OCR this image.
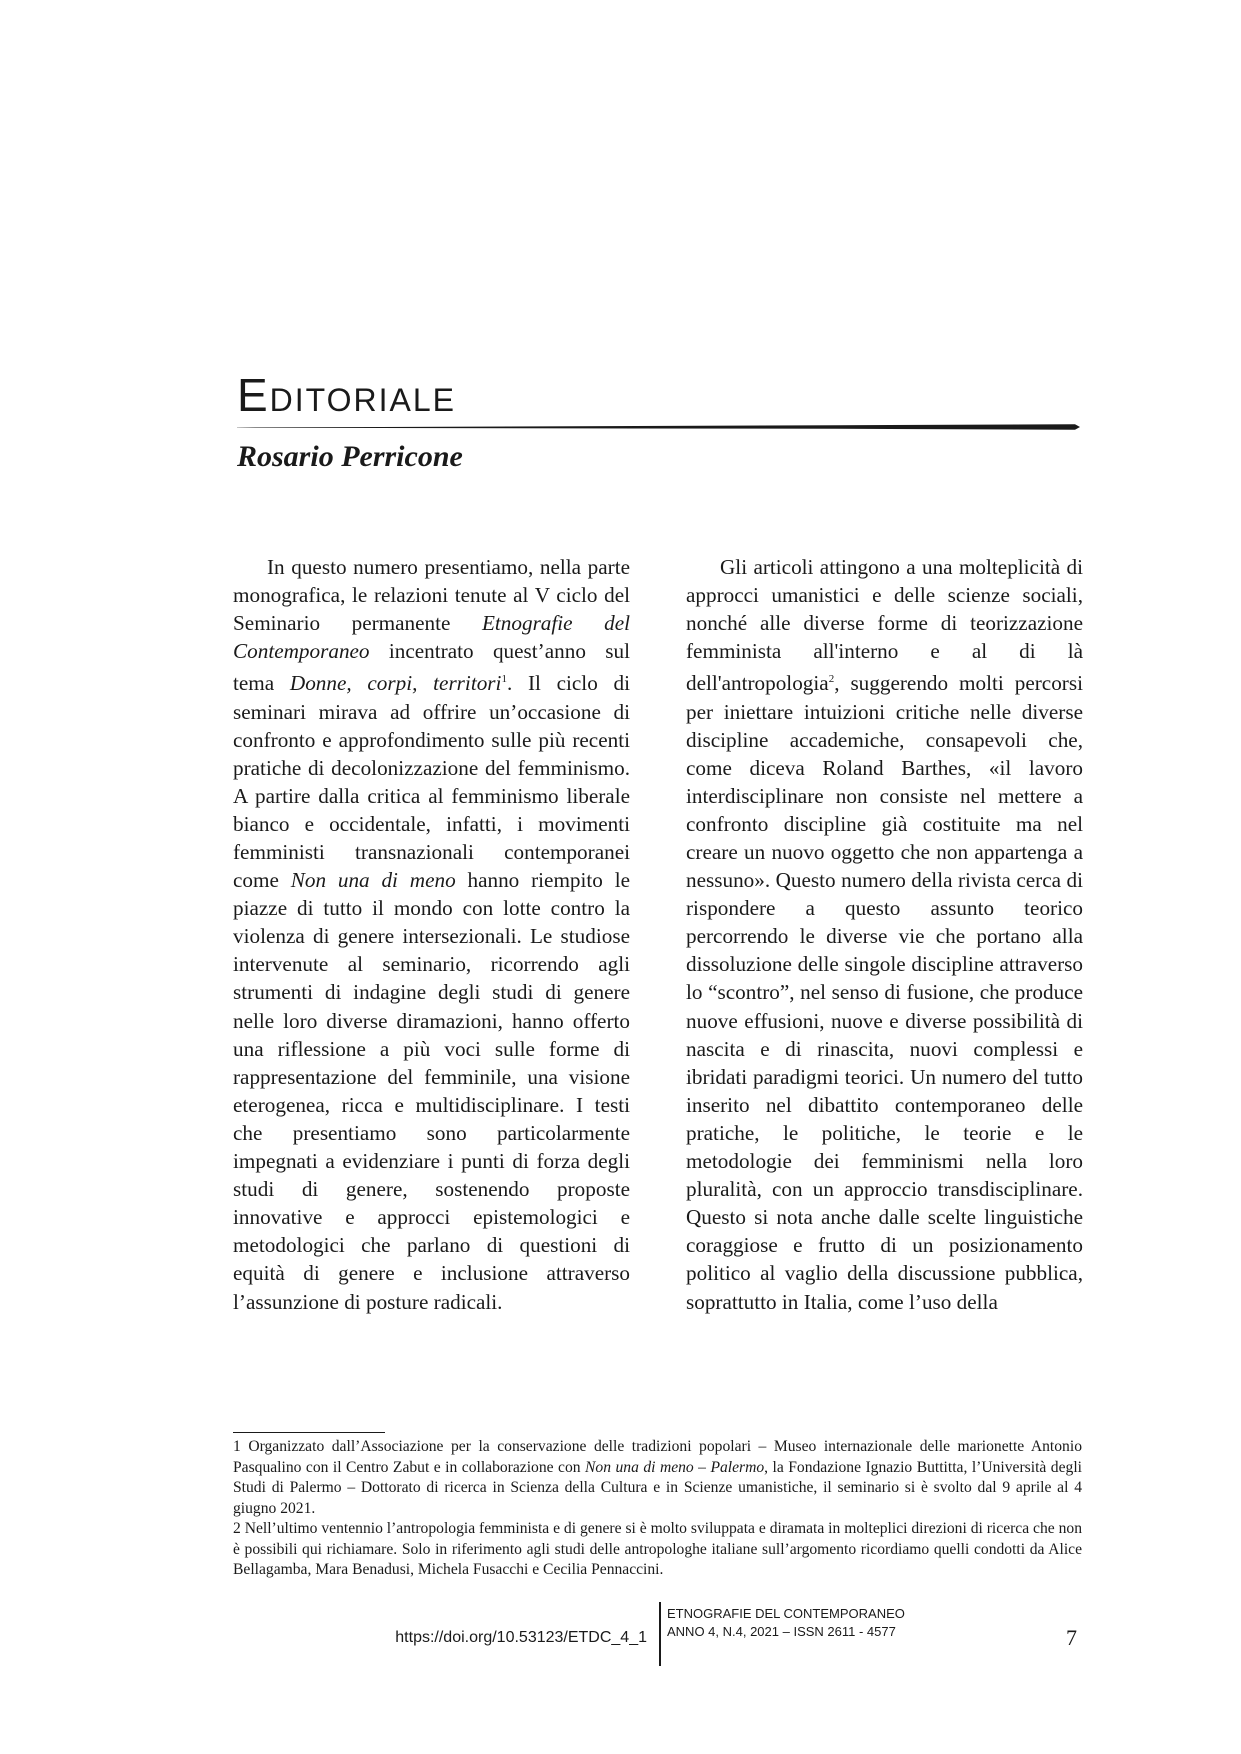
Editoriale
Rosario Perricone

In questo numero presentiamo, nella parte monografica, le relazioni tenute al V ciclo del Seminario permanente Etnografie del Contemporaneo incentrato quest’anno sul tema Donne, corpi, territori$^1$. Il ciclo di seminari mirava ad offrire un’occasione di confronto e approfondimento sulle più recenti pratiche di decolonizzazione del femminismo. A partire dalla critica al femminismo liberale bianco e occidentale, infatti, i movimenti femministi transnazionali contemporanei come Non una di meno hanno riempito le piazze di tutto il mondo con lotte contro la violenza di genere intersezionali. Le studiose intervenute al seminario, ricorrendo agli strumenti di indagine degli studi di genere nelle loro diverse diramazioni, hanno offerto una riflessione a più voci sulle forme di rappresentazione del femminile, una visione eterogenea, ricca e multidisciplinare. I testi che presentiamo sono particolarmente impegnati a evidenziare i punti di forza degli studi di genere, sostenendo proposte innovative e approcci epistemologici e metodologici che parlano di questioni di equità di genere e inclusione attraverso l’assunzione di posture radicali.

Gli articoli attingono a una molteplicità di approcci umanistici e delle scienze sociali, nonché alle diverse forme di teorizzazione femminista all'interno e al di là dell'antropologia$^2$, suggerendo molti percorsi per iniettare intuizioni critiche nelle diverse discipline accademiche, consapevoli che, come diceva Roland Barthes, «il lavoro interdisciplinare non consiste nel mettere a confronto discipline già costituite ma nel creare un nuovo oggetto che non appartenga a nessuno». Questo numero della rivista cerca di rispondere a questo assunto teorico percorrendo le diverse vie che portano alla dissoluzione delle singole discipline attraverso lo “scontro”, nel senso di fusione, che produce nuove effusioni, nuove e diverse possibilità di nascita e di rinascita, nuovi complessi e ibridati paradigmi teorici. Un numero del tutto inserito nel dibattito contemporaneo delle pratiche, le politiche, le teorie e le metodologie dei femminismi nella loro pluralità, con un approccio transdisciplinare. Questo si nota anche dalle scelte linguistiche coraggiose e frutto di un posizionamento politico al vaglio della discussione pubblica, soprattutto in Italia, come l’uso della

1 Organizzato dall’Associazione per la conservazione delle tradizioni popolari – Museo internazionale delle marionette Antonio Pasqualino con il Centro Zabut e in collaborazione con Non una di meno – Palermo, la Fondazione Ignazio Buttitta, l’Università degli Studi di Palermo – Dottorato di ricerca in Scienza della Cultura e in Scienze umanistiche, il seminario si è svolto dal 9 aprile al 4 giugno 2021.

2 Nell’ultimo ventennio l’antropologia femminista e di genere si è molto sviluppata e diramata in molteplici direzioni di ricerca che non è possibili qui richiamare. Solo in riferimento agli studi delle antropologhe italiane sull’argomento ricordiamo quelli condotti da Alice Bellagamba, Mara Benadusi, Michela Fusacchi e Cecilia Pennaccini.

https://doi.org/10.53123/ETDC_4_1
ETNOGRAFIE DEL CONTEMPORANEO
ANNO 4, N.4, 2021 – ISSN 2611 - 4577	7
